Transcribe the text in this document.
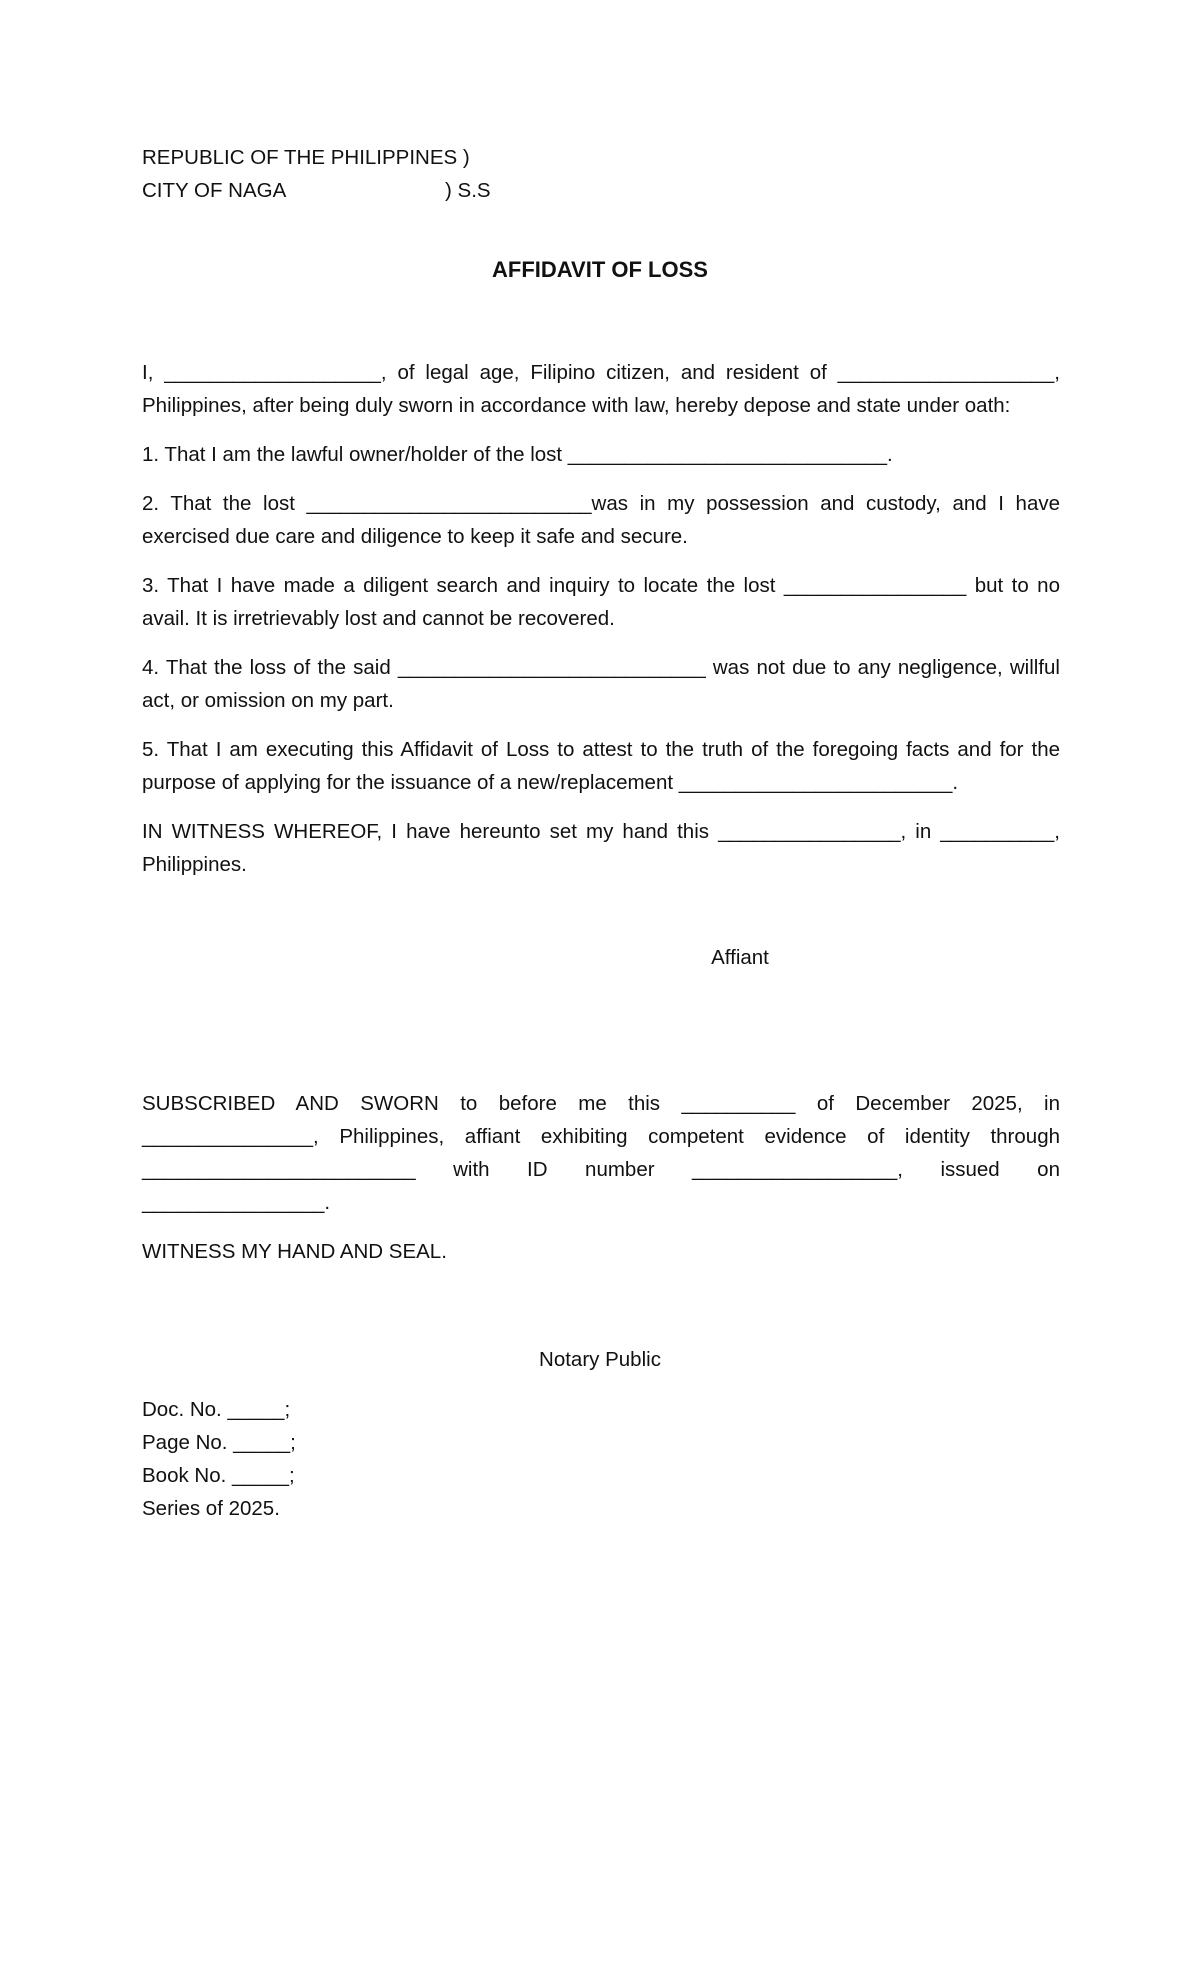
REPUBLIC OF THE PHILIPPINES )
CITY OF NAGA	) S.S
AFFIDAVIT OF LOSS

I, ___________________, of legal age, Filipino citizen, and resident of ___________________, Philippines, after being duly sworn in accordance with law, hereby depose and state under oath:

1. That I am the lawful owner/holder of the lost ____________________________.

2. That the lost _________________________was in my possession and custody, and I have exercised due care and diligence to keep it safe and secure.

3. That I have made a diligent search and inquiry to locate the lost ________________ but to no avail. It is irretrievably lost and cannot be recovered.

4. That the loss of the said ___________________________ was not due to any negligence, willful act, or omission on my part.

5. That I am executing this Affidavit of Loss to attest to the truth of the foregoing facts and for the purpose of applying for the issuance of a new/replacement ________________________.

IN WITNESS WHEREOF, I have hereunto set my hand this ________________, in __________, Philippines.

Affiant

SUBSCRIBED AND SWORN to before me this __________ of December 2025, in _______________, Philippines, affiant exhibiting competent evidence of identity through ________________________ with ID number __________________, issued on ________________.

WITNESS MY HAND AND SEAL.

Notary Public
Doc. No. _____;
Page No. _____;
Book No. _____;
Series of 2025.
